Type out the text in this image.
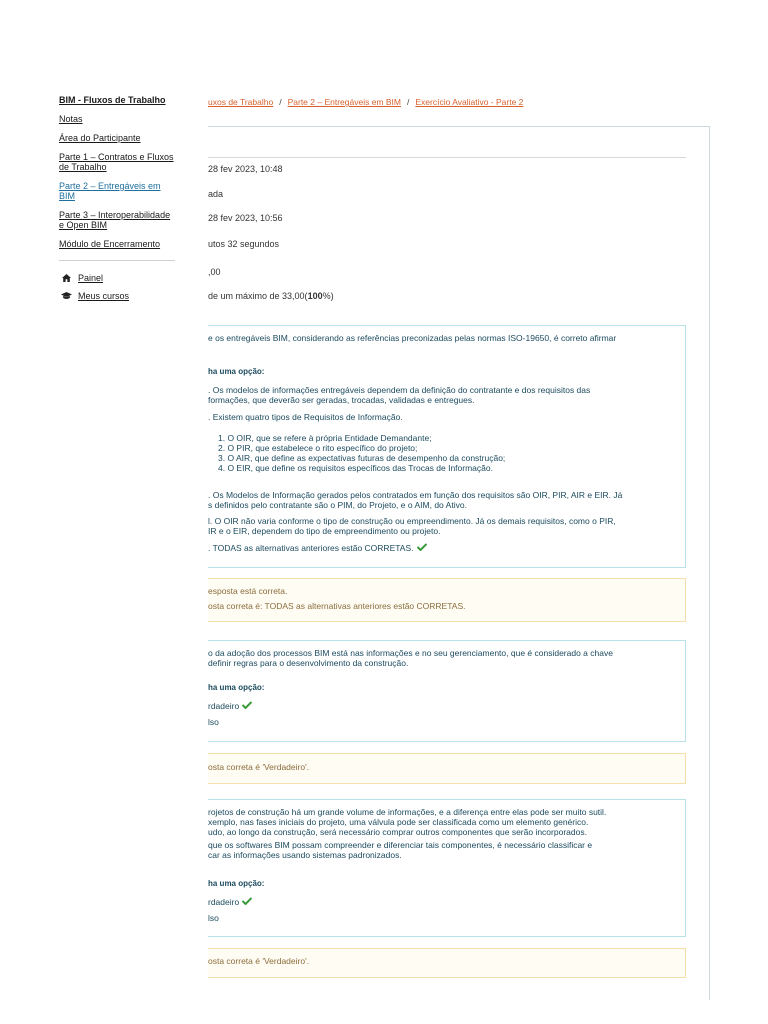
BIM - Fluxos de Trabalho
Notas
Área do Participante
Parte 1 – Contratos e Fluxos de Trabalho
Parte 2 – Entregáveis em BIM
Parte 3 – Interoperabilidade e Open BIM
Módulo de Encerramento
Painel
Meus cursos
uxos de Trabalho / Parte 2 – Entregáveis em BIM / Exercício Avaliativo - Parte 2
28 fev 2023, 10:48
ada
28 fev 2023, 10:56
utos 32 segundos
,00
de um máximo de 33,00(100%)
e os entregáveis BIM, considerando as referências preconizadas pelas normas ISO-19650, é correto afirmar
ha uma opção:
. Os modelos de informações entregáveis dependem da definição do contratante e dos requisitos das
formações, que deverão ser geradas, trocadas, validadas e entregues.
. Existem quatro tipos de Requisitos de Informação.
1. O OIR, que se refere à própria Entidade Demandante;
2. O PIR, que estabelece o rito específico do projeto;
3. O AIR, que define as expectativas futuras de desempenho da construção;
4. O EIR, que define os requisitos específicos das Trocas de Informação.
. Os Modelos de Informação gerados pelos contratados em função dos requisitos são OIR, PIR, AIR e EIR. Já
s definidos pelo contratante são o PIM, do Projeto, e o AIM, do Ativo.
l. O OIR não varia conforme o tipo de construção ou empreendimento. Já os demais requisitos, como o PIR,
IR e o EIR, dependem do tipo de empreendimento ou projeto.
. TODAS as alternativas anteriores estão CORRETAS.
esposta está correta.
osta correta é: TODAS as alternativas anteriores estão CORRETAS.
o da adoção dos processos BIM está nas informações e no seu gerenciamento, que é considerado a chave
definir regras para o desenvolvimento da construção.
ha uma opção:
rdadeiro
lso
osta correta é 'Verdadeiro'.
rojetos de construção há um grande volume de informações, e a diferença entre elas pode ser muito sutil.
xemplo, nas fases iniciais do projeto, uma válvula pode ser classificada como um elemento genérico.
udo, ao longo da construção, será necessário comprar outros componentes que serão incorporados.
que os softwares BIM possam compreender e diferenciar tais componentes, é necessário classificar e
car as informações usando sistemas padronizados.
ha uma opção:
rdadeiro
lso
osta correta é 'Verdadeiro'.
